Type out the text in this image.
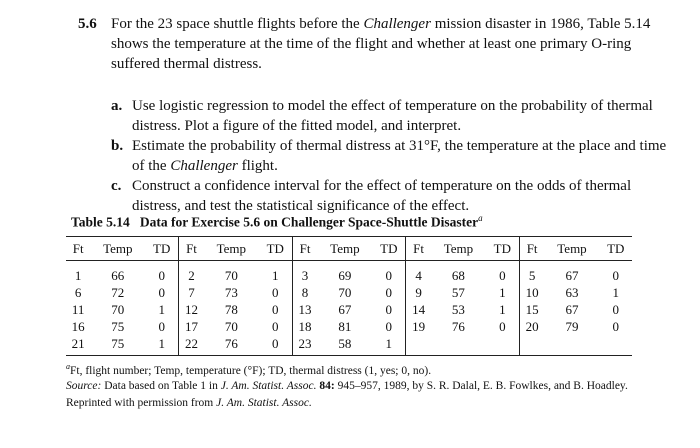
5.6 For the 23 space shuttle flights before the Challenger mission disaster in 1986, Table 5.14 shows the temperature at the time of the flight and whether at least one primary O-ring suffered thermal distress.
a. Use logistic regression to model the effect of temperature on the probability of thermal distress. Plot a figure of the fitted model, and interpret.
b. Estimate the probability of thermal distress at 31°F, the temperature at the place and time of the Challenger flight.
c. Construct a confidence interval for the effect of temperature on the odds of thermal distress, and test the statistical significance of the effect.
Table 5.14   Data for Exercise 5.6 on Challenger Space-Shuttle Disaster$^a$
Ft	Temp	TD	Ft	Temp	TD	Ft	Temp	TD	Ft	Temp	TD	Ft	Temp	TD
1	66	0	2	70	1	3	69	0	4	68	0	5	67	0
6	72	0	7	73	0	8	70	0	9	57	1	10	63	1
11	70	1	12	78	0	13	67	0	14	53	1	15	67	0
16	75	0	17	70	0	18	81	0	19	76	0	20	79	0
21	75	1	22	76	0	23	58	1						
$^a$Ft, flight number; Temp, temperature (°F); TD, thermal distress (1, yes; 0, no).
Source: Data based on Table 1 in J. Am. Statist. Assoc. 84: 945–957, 1989, by S. R. Dalal, E. B. Fowlkes, and B. Hoadley. Reprinted with permission from J. Am. Statist. Assoc.
